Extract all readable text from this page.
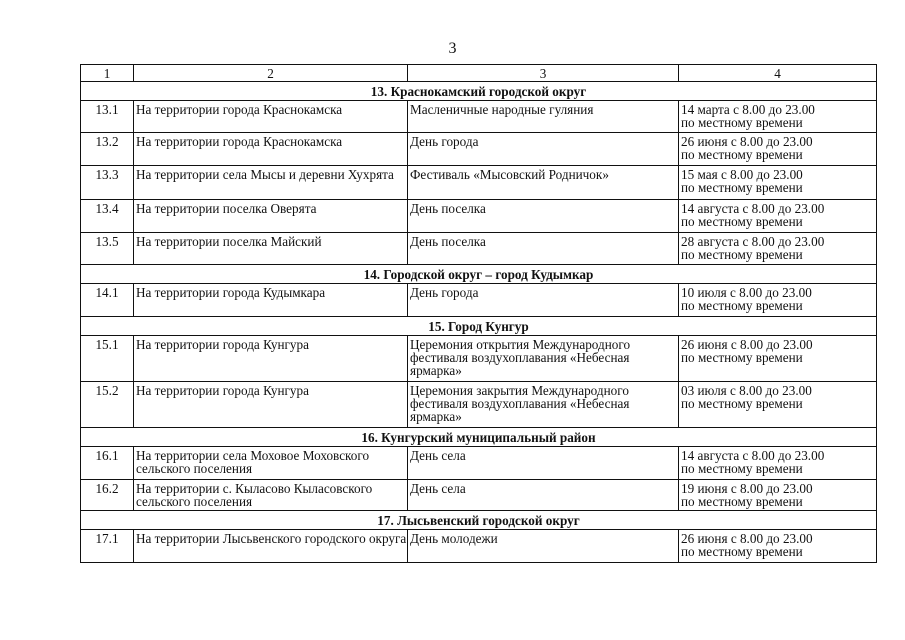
3
1	2	3	4
13. Краснокамский городской округ			
13.1	На территории города Краснокамска	Масленичные народные гуляния	14 марта с 8.00 до 23.00
по местному времени

13.2	На территории города Краснокамска	День города	26 июня с 8.00 до 23.00
по местному времени

13.3	На территории села Мысы и деревни Хухрята	Фестиваль «Мысовский Родничок»	15 мая с 8.00 до 23.00
по местному времени

13.4	На территории поселка Оверята	День поселка	14 августа с 8.00 до 23.00
по местному времени

13.5	На территории поселка Майский	День поселка	28 августа с 8.00 до 23.00
по местному времени

14. Городской округ – город Кудымкар			
14.1	На территории города Кудымкара	День города	10 июля с 8.00 до 23.00
по местному времени

15. Город Кунгур			
15.1	На территории города Кунгура	Церемония открытия Международного фестиваля воздухоплавания «Небесная ярмарка»	26 июня с 8.00 до 23.00
по местному времени

15.2	На территории города Кунгура	Церемония закрытия Международного фестиваля воздухоплавания «Небесная ярмарка»	03 июля с 8.00 до 23.00
по местному времени

16. Кунгурский муниципальный район			
16.1	На территории села Моховое Моховского сельского поселения	День села	14 августа с 8.00 до 23.00
по местному времени

16.2	На территории с. Кыласово Кыласовского сельского поселения	День села	19 июня с 8.00 до 23.00
по местному времени

17. Лысьвенский городской округ			
17.1	На территории Лысьвенского городского округа	День молодежи	26 июня с 8.00 до 23.00
по местному времени
